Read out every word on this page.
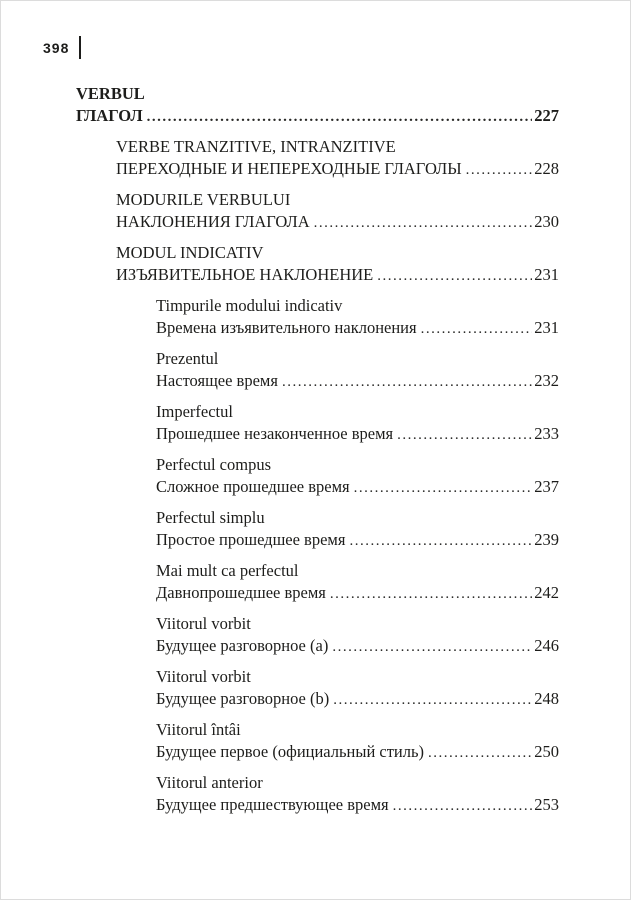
398
VERBUL
ГЛАГОЛ .....	227
VERBE TRANZITIVE, INTRANZITIVE
ПЕРЕХОДНЫЕ И НЕПЕРЕХОДНЫЕ ГЛАГОЛЫ .....	228
MODURILE VERBULUI
НАКЛОНЕНИЯ ГЛАГОЛА .....	230
MODUL INDICATIV
ИЗЪЯВИТЕЛЬНОЕ НАКЛОНЕНИЕ .....	231
Timpurile modului indicativ
Времена изъявительного наклонения .....	231
Prezentul
Настоящее время .....	232
Imperfectul
Прошедшее незаконченное время .....	233
Perfectul compus
Сложное прошедшее время .....	237
Perfectul simplu
Простое прошедшее время .....	239
Mai mult ca perfectul
Давнопрошедшее время .....	242
Viitorul vorbit
Будущее разговорное (a) .....	246
Viitorul vorbit
Будущее разговорное (b) .....	248
Viitorul întâi
Будущее первое (официальный стиль) .....	250
Viitorul anterior
Будущее предшествующее время .....	253
